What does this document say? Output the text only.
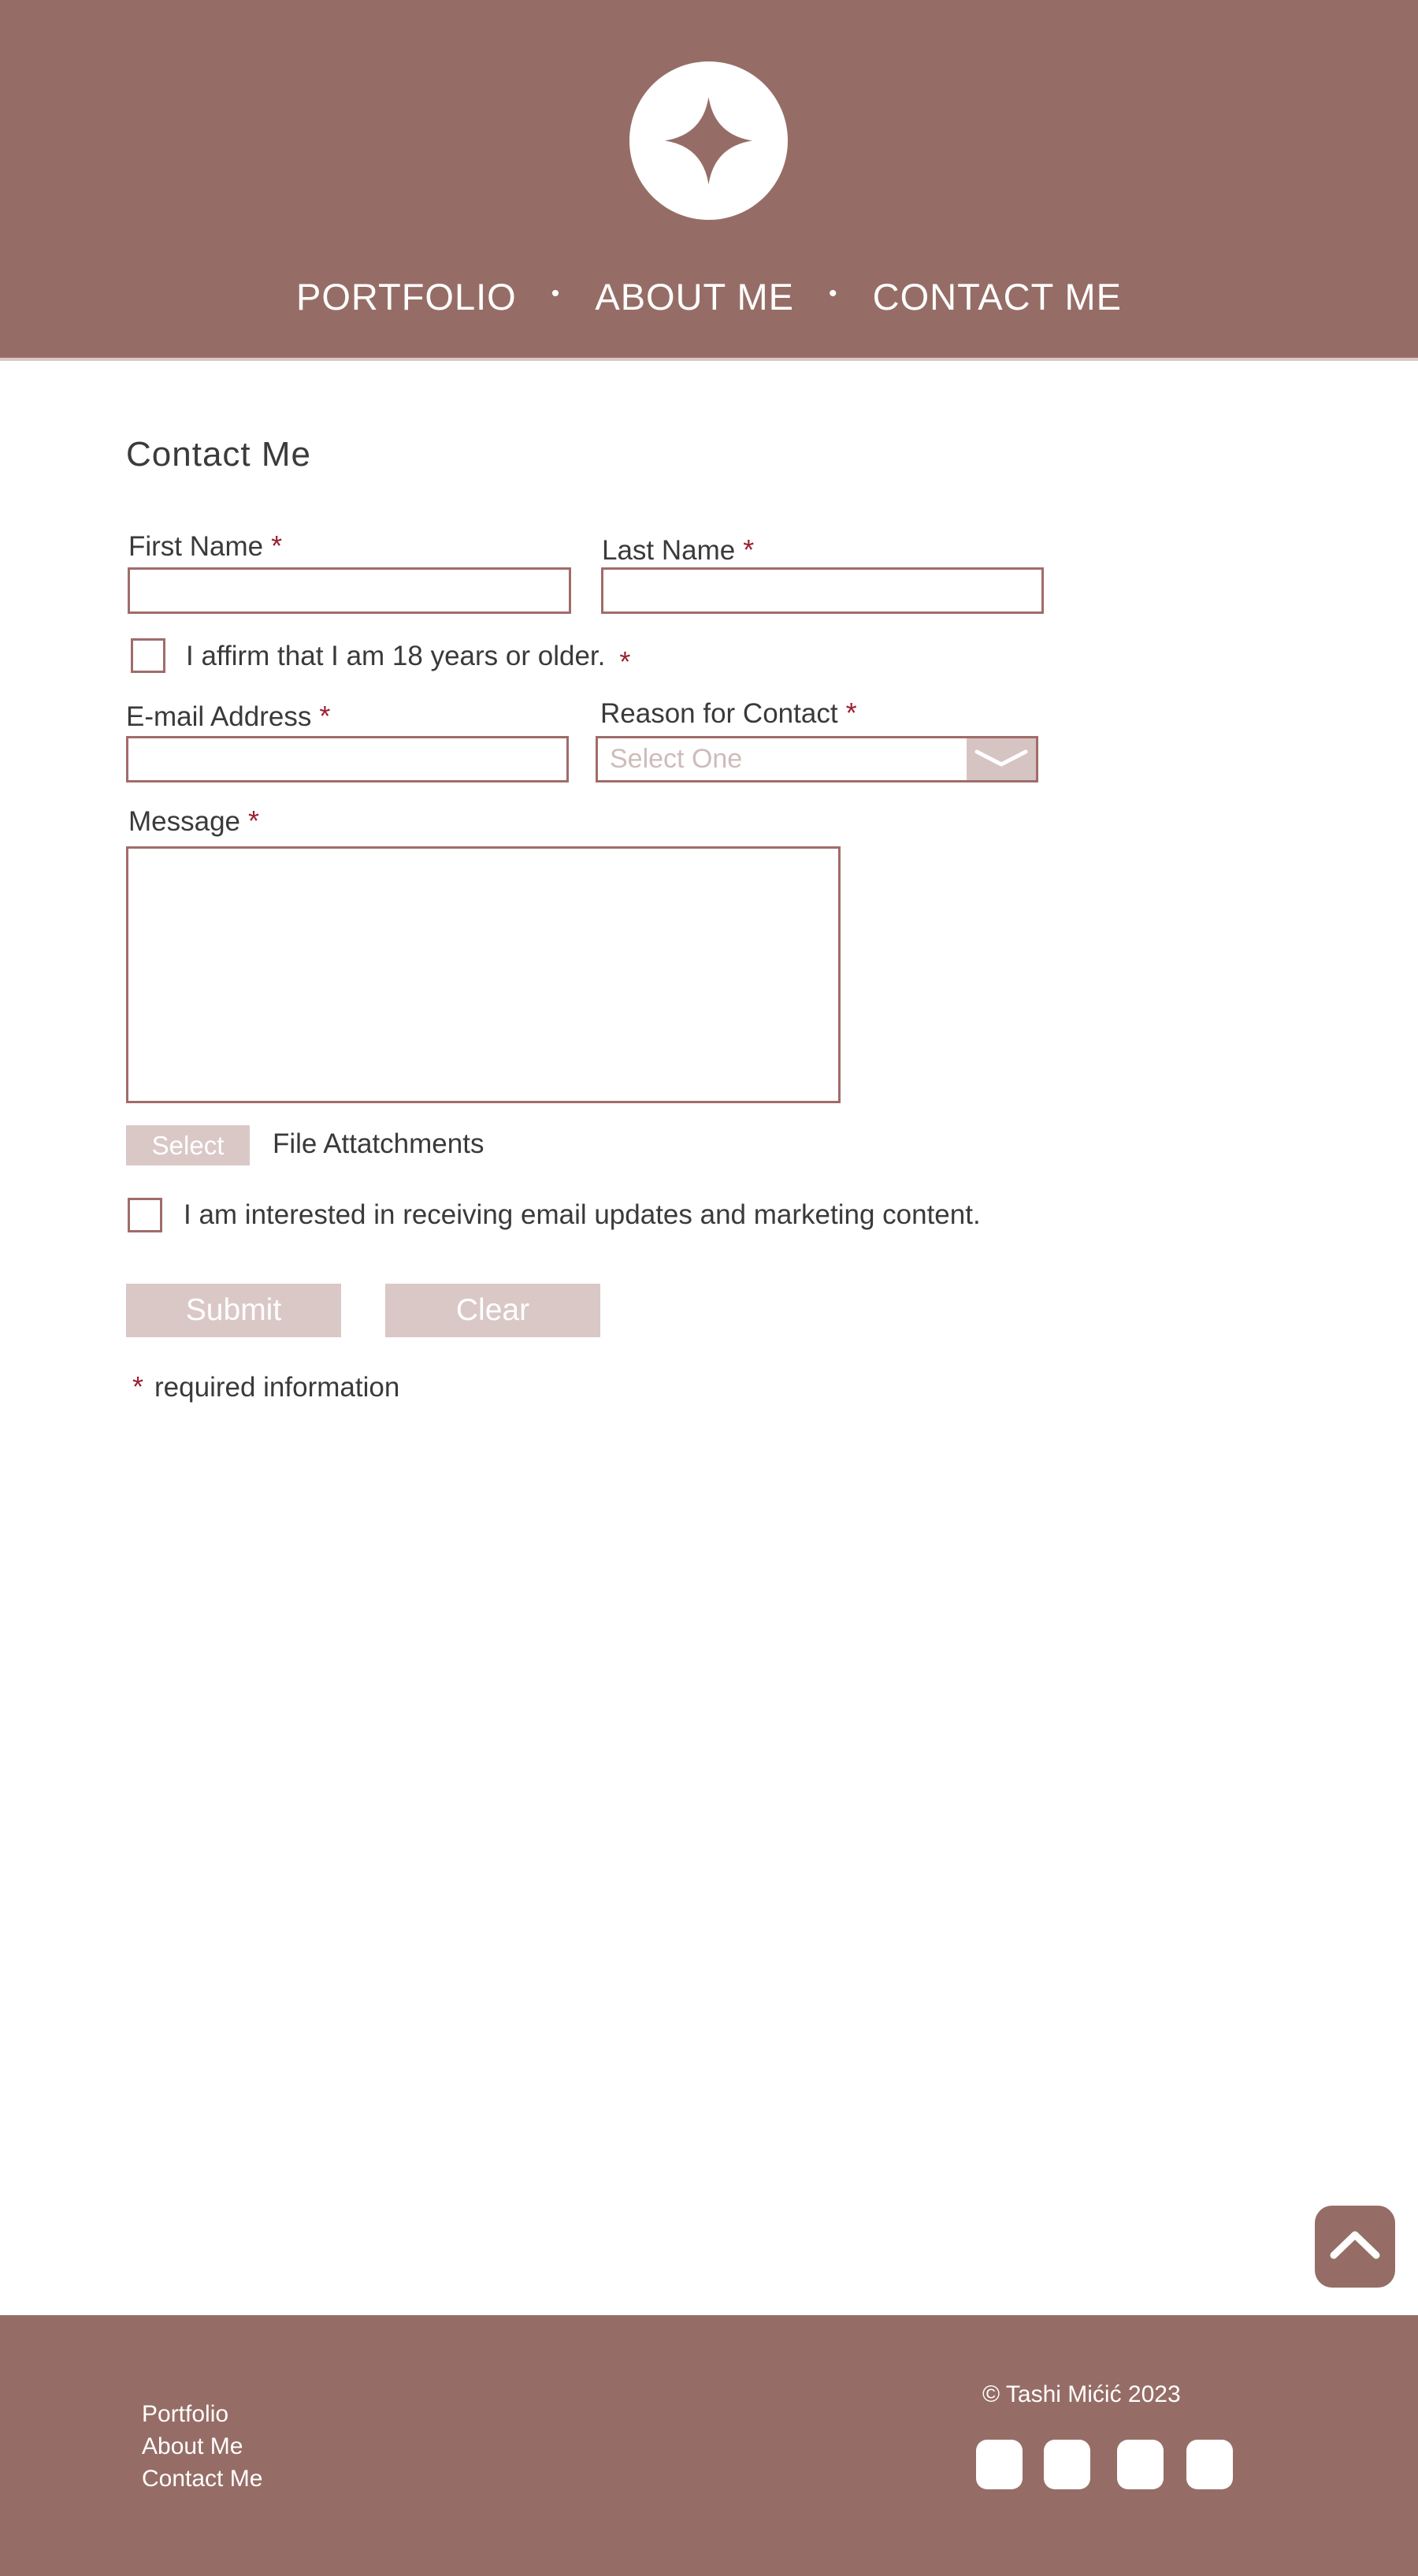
PORTFOLIO • ABOUT ME • CONTACT ME
Contact Me
First Name *	Last Name *
I affirm that I am 18 years or older. *
E-mail Address *	Reason for Contact *
Select One
Message *
Select	File Attatchments
I am interested in receiving email updates and marketing content.
Submit	Clear
* required information
Portfolio
About Me
Contact Me
© Tashi Mićić 2023
